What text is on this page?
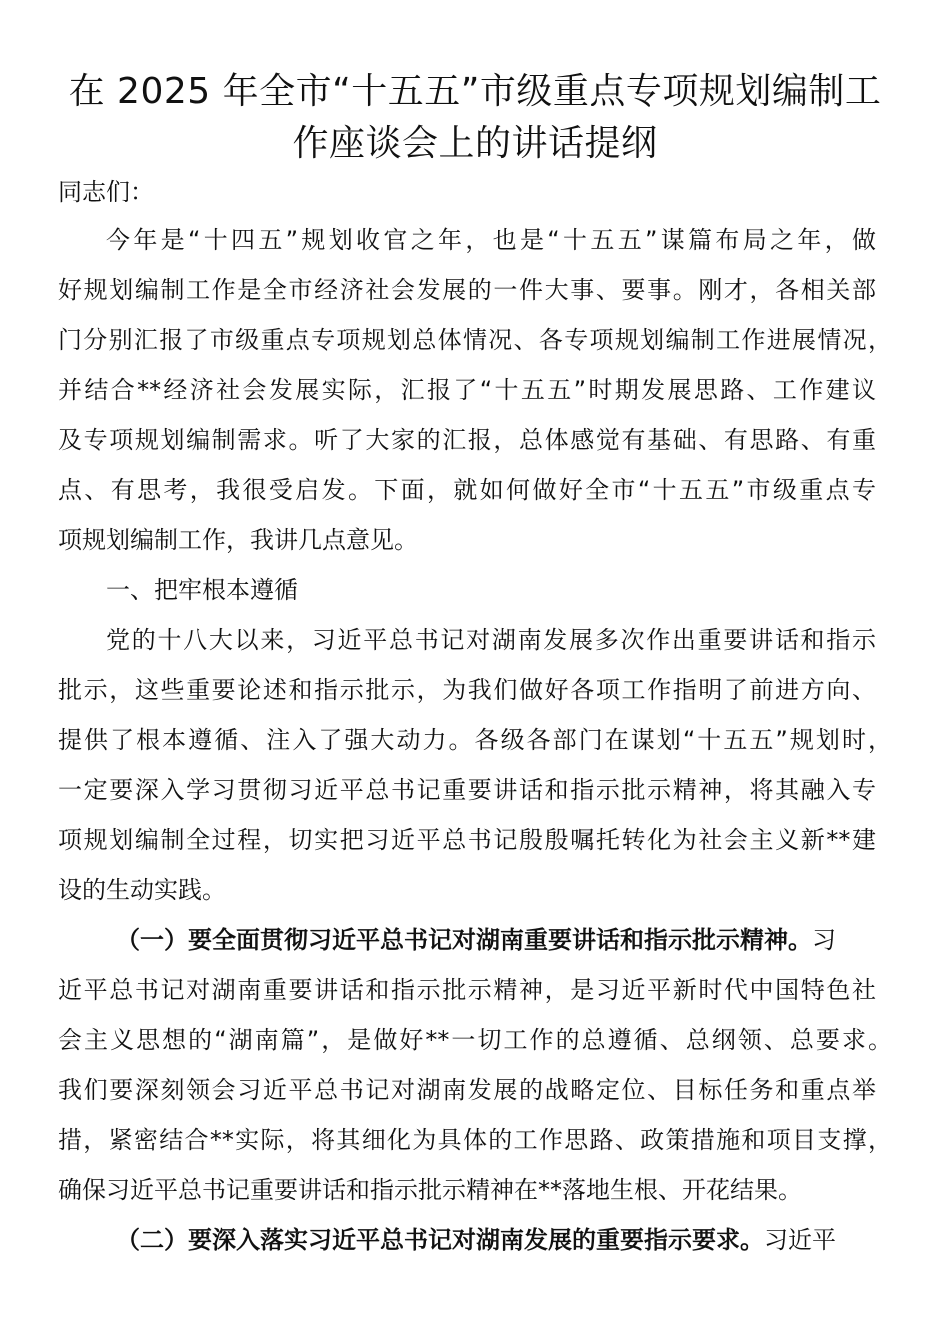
在 2025 年全市“十五五”市级重点专项规划编制工
作座谈会上的讲话提纲
同志们：
今年是“十四五”规划收官之年，也是“十五五”谋篇布局之年，做
好规划编制工作是全市经济社会发展的一件大事、要事。刚才，各相关部
门分别汇报了市级重点专项规划总体情况、各专项规划编制工作进展情况，
并结合**经济社会发展实际，汇报了“十五五”时期发展思路、工作建议
及专项规划编制需求。听了大家的汇报，总体感觉有基础、有思路、有重
点、有思考，我很受启发。下面，就如何做好全市“十五五”市级重点专
项规划编制工作，我讲几点意见。
一、把牢根本遵循
党的十八大以来，习近平总书记对湖南发展多次作出重要讲话和指示
批示，这些重要论述和指示批示，为我们做好各项工作指明了前进方向、
提供了根本遵循、注入了强大动力。各级各部门在谋划“十五五”规划时，
一定要深入学习贯彻习近平总书记重要讲话和指示批示精神，将其融入专
项规划编制全过程，切实把习近平总书记殷殷嘱托转化为社会主义新**建
设的生动实践。
（一）要全面贯彻习近平总书记对湖南重要讲话和指示批示精神。习
近平总书记对湖南重要讲话和指示批示精神，是习近平新时代中国特色社
会主义思想的“湖南篇”，是做好**一切工作的总遵循、总纲领、总要求。
我们要深刻领会习近平总书记对湖南发展的战略定位、目标任务和重点举
措，紧密结合**实际，将其细化为具体的工作思路、政策措施和项目支撑，
确保习近平总书记重要讲话和指示批示精神在**落地生根、开花结果。
（二）要深入落实习近平总书记对湖南发展的重要指示要求。习近平
